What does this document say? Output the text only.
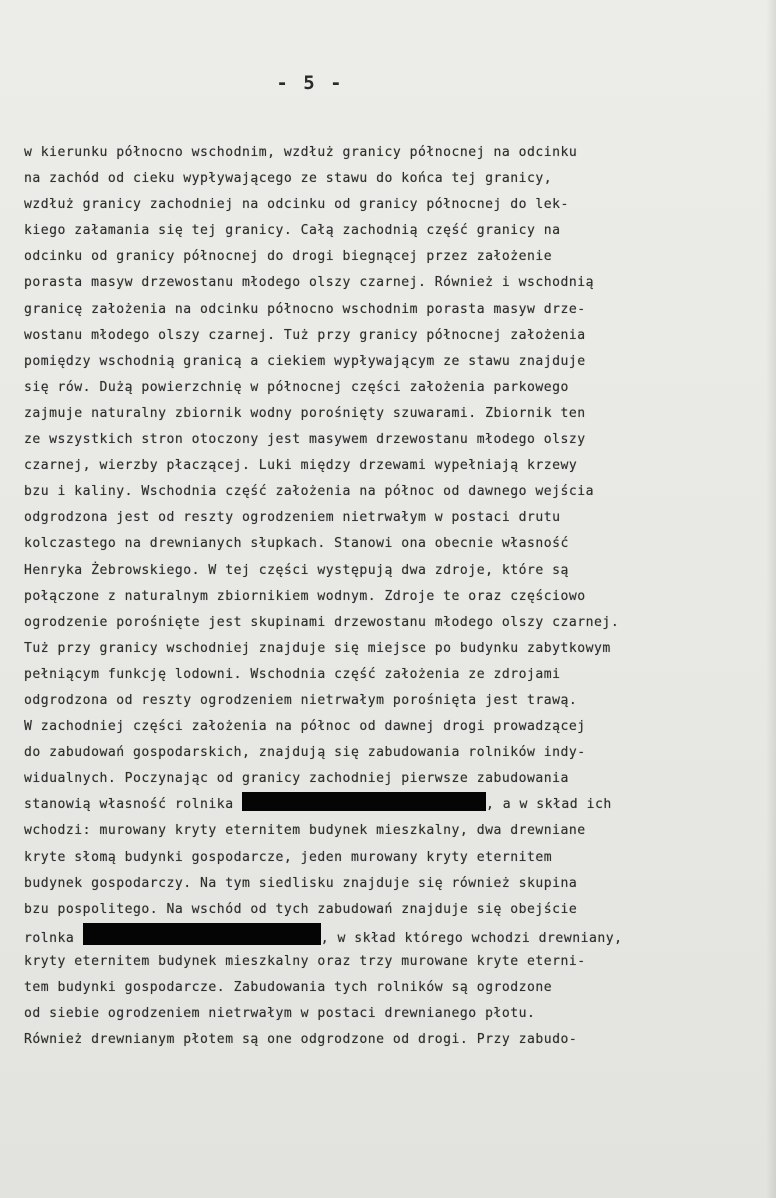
- 5 -
w kierunku północno wschodnim, wzdłuż granicy północnej na odcinku
na zachód od cieku wypływającego ze stawu do końca tej granicy,
wzdłuż granicy zachodniej na odcinku od granicy północnej do lek-
kiego załamania się tej granicy. Całą zachodnią część granicy na
odcinku od granicy północnej do drogi biegnącej przez założenie
porasta masyw drzewostanu młodego olszy czarnej. Również i wschodnią
granicę założenia na odcinku północno wschodnim porasta masyw drze-
wostanu młodego olszy czarnej. Tuż przy granicy północnej założenia
pomiędzy wschodnią granicą a ciekiem wypływającym ze stawu znajduje
się rów. Dużą powierzchnię w północnej części założenia parkowego
zajmuje naturalny zbiornik wodny porośnięty szuwarami. Zbiornik ten
ze wszystkich stron otoczony jest masywem drzewostanu młodego olszy
czarnej, wierzby płaczącej. Luki między drzewami wypełniają krzewy
bzu i kaliny. Wschodnia część założenia na północ od dawnego wejścia
odgrodzona jest od reszty ogrodzeniem nietrwałym w postaci drutu
kolczastego na drewnianych słupkach. Stanowi ona obecnie własność
Henryka Żebrowskiego. W tej części występują dwa zdroje, które są
połączone z naturalnym zbiornikiem wodnym. Zdroje te oraz częściowo
ogrodzenie porośnięte jest skupinami drzewostanu młodego olszy czarnej.
Tuż przy granicy wschodniej znajduje się miejsce po budynku zabytkowym
pełniącym funkcję lodowni. Wschodnia część założenia ze zdrojami
odgrodzona od reszty ogrodzeniem nietrwałym porośnięta jest trawą.
W zachodniej części założenia na północ od dawnej drogi prowadzącej
do zabudowań gospodarskich, znajdują się zabudowania rolników indy-
widualnych. Poczynając od granicy zachodniej pierwsze zabudowania
stanowią własność rolnika	, a w skład ich
wchodzi: murowany kryty eternitem budynek mieszkalny, dwa drewniane
kryte słomą budynki gospodarcze, jeden murowany kryty eternitem
budynek gospodarczy. Na tym siedlisku znajduje się również skupina
bzu pospolitego. Na wschód od tych zabudowań znajduje się obejście
rolnka	, w skład którego wchodzi drewniany,
kryty eternitem budynek mieszkalny oraz trzy murowane kryte eterni-
tem budynki gospodarcze. Zabudowania tych rolników są ogrodzone
od siebie ogrodzeniem nietrwałym w postaci drewnianego płotu.
Również drewnianym płotem są one odgrodzone od drogi. Przy zabudo-
